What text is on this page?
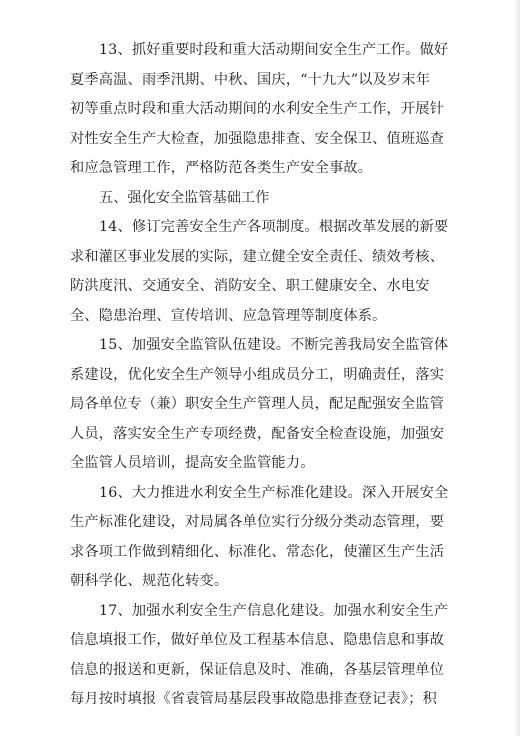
13、抓好重要时段和重大活动期间安全生产工作。做好
夏季高温、雨季汛期、中秋、国庆，“十九大”以及岁末年
初等重点时段和重大活动期间的水利安全生产工作，开展针
对性安全生产大检查，加强隐患排查、安全保卫、值班巡查
和应急管理工作，严格防范各类生产安全事故。
五、强化安全监管基础工作
14、修订完善安全生产各项制度。根据改革发展的新要
求和灌区事业发展的实际，建立健全安全责任、绩效考核、
防洪度汛、交通安全、消防安全、职工健康安全、水电安
全、隐患治理、宣传培训、应急管理等制度体系。
15、加强安全监管队伍建设。不断完善我局安全监管体
系建设，优化安全生产领导小组成员分工，明确责任，落实
局各单位专（兼）职安全生产管理人员，配足配强安全监管
人员，落实安全生产专项经费，配备安全检查设施，加强安
全监管人员培训，提高安全监管能力。
16、大力推进水利安全生产标准化建设。深入开展安全
生产标准化建设，对局属各单位实行分级分类动态管理，要
求各项工作做到精细化、标准化、常态化，使灌区生产生活
朝科学化、规范化转变。
17、加强水利安全生产信息化建设。加强水利安全生产
信息填报工作，做好单位及工程基本信息、隐患信息和事故
信息的报送和更新，保证信息及时、准确，各基层管理单位
每月按时填报《省袁管局基层段事故隐患排查登记表》；积
